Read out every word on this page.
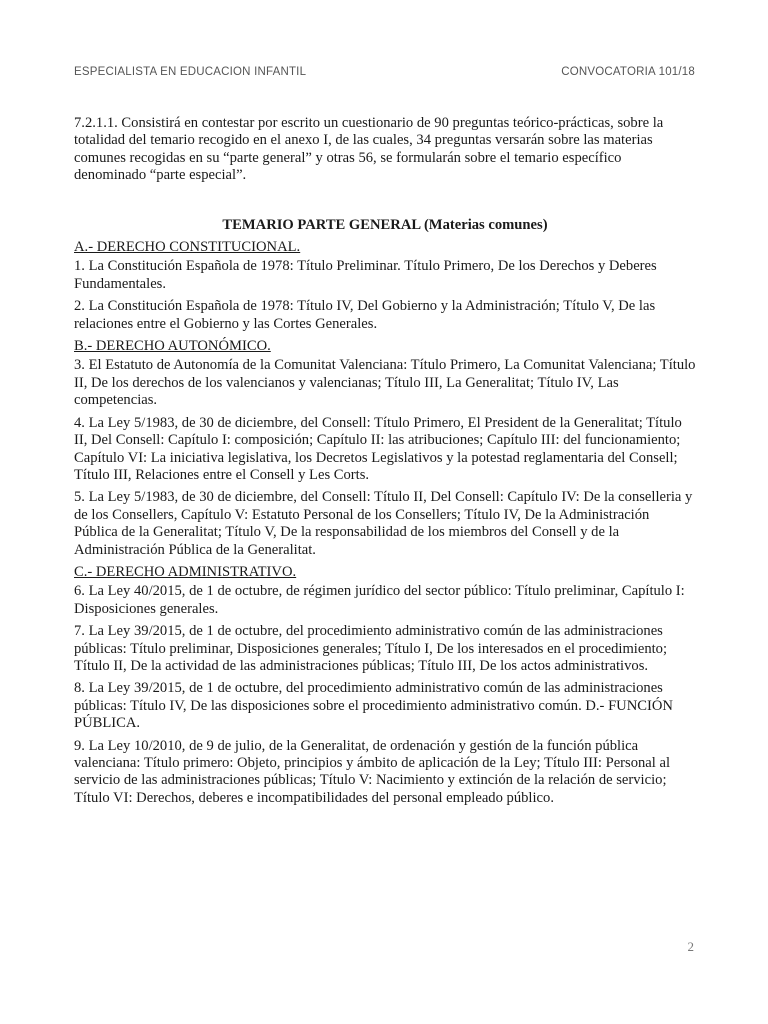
ESPECIALISTA EN EDUCACION INFANTIL	CONVOCATORIA 101/18

7.2.1.1. Consistirá en contestar por escrito un cuestionario de 90 preguntas teórico-prácticas, sobre la totalidad del temario recogido en el anexo I, de las cuales, 34 preguntas versarán sobre las materias comunes recogidas en su “parte general” y otras 56, se formularán sobre el temario específico denominado “parte especial”.

TEMARIO PARTE GENERAL (Materias comunes)

A.- DERECHO CONSTITUCIONAL.

1. La Constitución Española de 1978: Título Preliminar. Título Primero, De los Derechos y Deberes Fundamentales.

2. La Constitución Española de 1978: Título IV, Del Gobierno y la Administración; Título V, De las relaciones entre el Gobierno y las Cortes Generales.

B.- DERECHO AUTONÓMICO.

3. El Estatuto de Autonomía de la Comunitat Valenciana: Título Primero, La Comunitat Valenciana; Título II, De los derechos de los valencianos y valencianas; Título III, La Generalitat; Título IV, Las competencias.

4. La Ley 5/1983, de 30 de diciembre, del Consell: Título Primero, El President de la Generalitat; Título II, Del Consell: Capítulo I: composición; Capítulo II: las atribuciones; Capítulo III: del funcionamiento; Capítulo VI: La iniciativa legislativa, los Decretos Legislativos y la potestad reglamentaria del Consell; Título III, Relaciones entre el Consell y Les Corts.

5. La Ley 5/1983, de 30 de diciembre, del Consell: Título II, Del Consell: Capítulo IV: De la conselleria y de los Consellers, Capítulo V: Estatuto Personal de los Consellers; Título IV, De la Administración Pública de la Generalitat; Título V, De la responsabilidad de los miembros del Consell y de la Administración Pública de la Generalitat.

C.- DERECHO ADMINISTRATIVO.

6. La Ley 40/2015, de 1 de octubre, de régimen jurídico del sector público: Título preliminar, Capítulo I: Disposiciones generales.

7. La Ley 39/2015, de 1 de octubre, del procedimiento administrativo común de las administraciones públicas: Título preliminar, Disposiciones generales; Título I, De los interesados en el procedimiento; Título II, De la actividad de las administraciones públicas; Título III, De los actos administrativos.

8. La Ley 39/2015, de 1 de octubre, del procedimiento administrativo común de las administraciones públicas: Título IV, De las disposiciones sobre el procedimiento administrativo común. D.- FUNCIÓN PÚBLICA.

9. La Ley 10/2010, de 9 de julio, de la Generalitat, de ordenación y gestión de la función pública valenciana: Título primero: Objeto, principios y ámbito de aplicación de la Ley; Título III: Personal al servicio de las administraciones públicas; Título V: Nacimiento y extinción de la relación de servicio; Título VI: Derechos, deberes e incompatibilidades del personal empleado público.

2
